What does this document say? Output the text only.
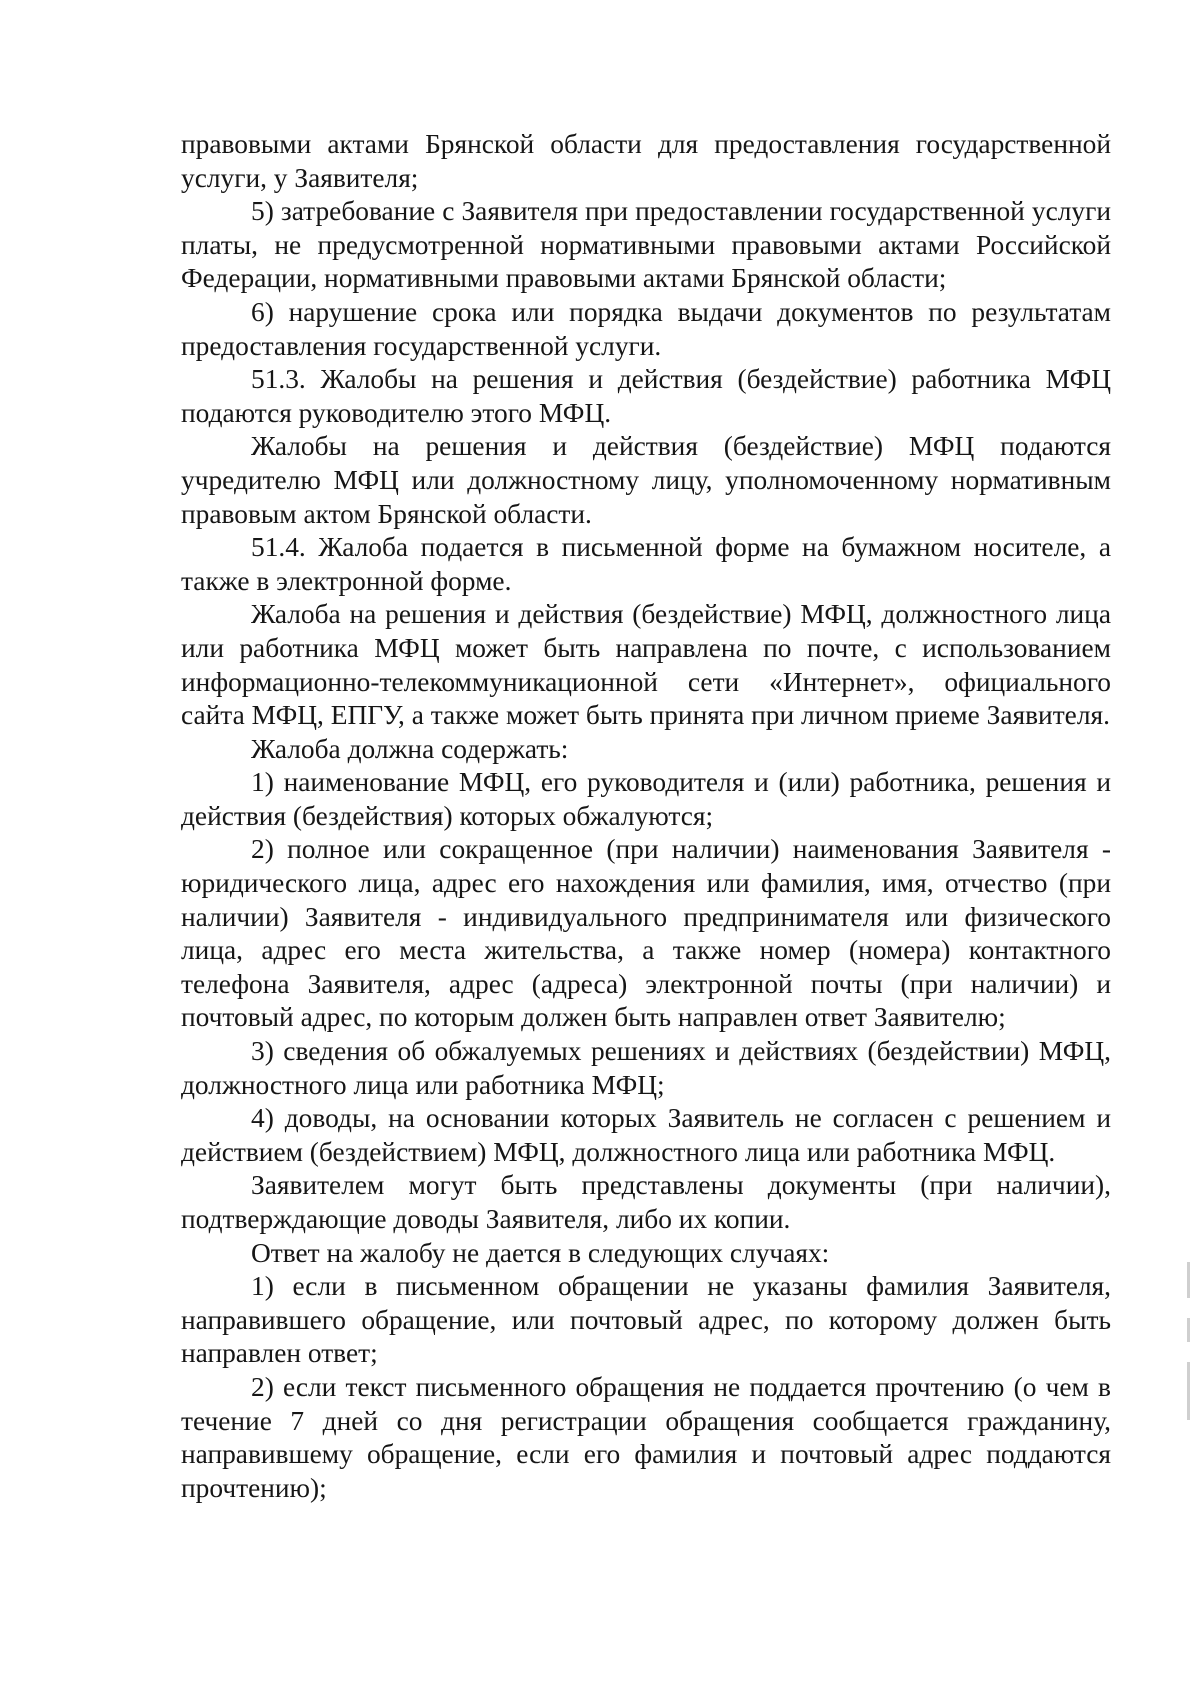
правовыми актами Брянской области для предоставления государственной услуги, у Заявителя;

5) затребование с Заявителя при предоставлении государственной услуги платы, не предусмотренной нормативными правовыми актами Российской Федерации, нормативными правовыми актами Брянской области;

6) нарушение срока или порядка выдачи документов по результатам предоставления государственной услуги.

51.3. Жалобы на решения и действия (бездействие) работника МФЦ подаются руководителю этого МФЦ.

Жалобы на решения и действия (бездействие) МФЦ подаются учредителю МФЦ или должностному лицу, уполномоченному нормативным правовым актом Брянской области.

51.4. Жалоба подается в письменной форме на бумажном носителе, а также в электронной форме.

Жалоба на решения и действия (бездействие) МФЦ, должностного лица или работника МФЦ может быть направлена по почте, с использованием информационно-телекоммуникационной сети «Интернет», официального сайта МФЦ, ЕПГУ, а также может быть принята при личном приеме Заявителя.

Жалоба должна содержать:

1) наименование МФЦ, его руководителя и (или) работника, решения и действия (бездействия) которых обжалуются;

2) полное или сокращенное (при наличии) наименования Заявителя - юридического лица, адрес его нахождения или фамилия, имя, отчество (при наличии) Заявителя - индивидуального предпринимателя или физического лица, адрес его места жительства, а также номер (номера) контактного телефона Заявителя, адрес (адреса) электронной почты (при наличии) и почтовый адрес, по которым должен быть направлен ответ Заявителю;

3) сведения об обжалуемых решениях и действиях (бездействии) МФЦ, должностного лица или работника МФЦ;

4) доводы, на основании которых Заявитель не согласен с решением и действием (бездействием) МФЦ, должностного лица или работника МФЦ.

Заявителем могут быть представлены документы (при наличии), подтверждающие доводы Заявителя, либо их копии.

Ответ на жалобу не дается в следующих случаях:

1) если в письменном обращении не указаны фамилия Заявителя, направившего обращение, или почтовый адрес, по которому должен быть направлен ответ;

2) если текст письменного обращения не поддается прочтению (о чем в течение 7 дней со дня регистрации обращения сообщается гражданину, направившему обращение, если его фамилия и почтовый адрес поддаются прочтению);
